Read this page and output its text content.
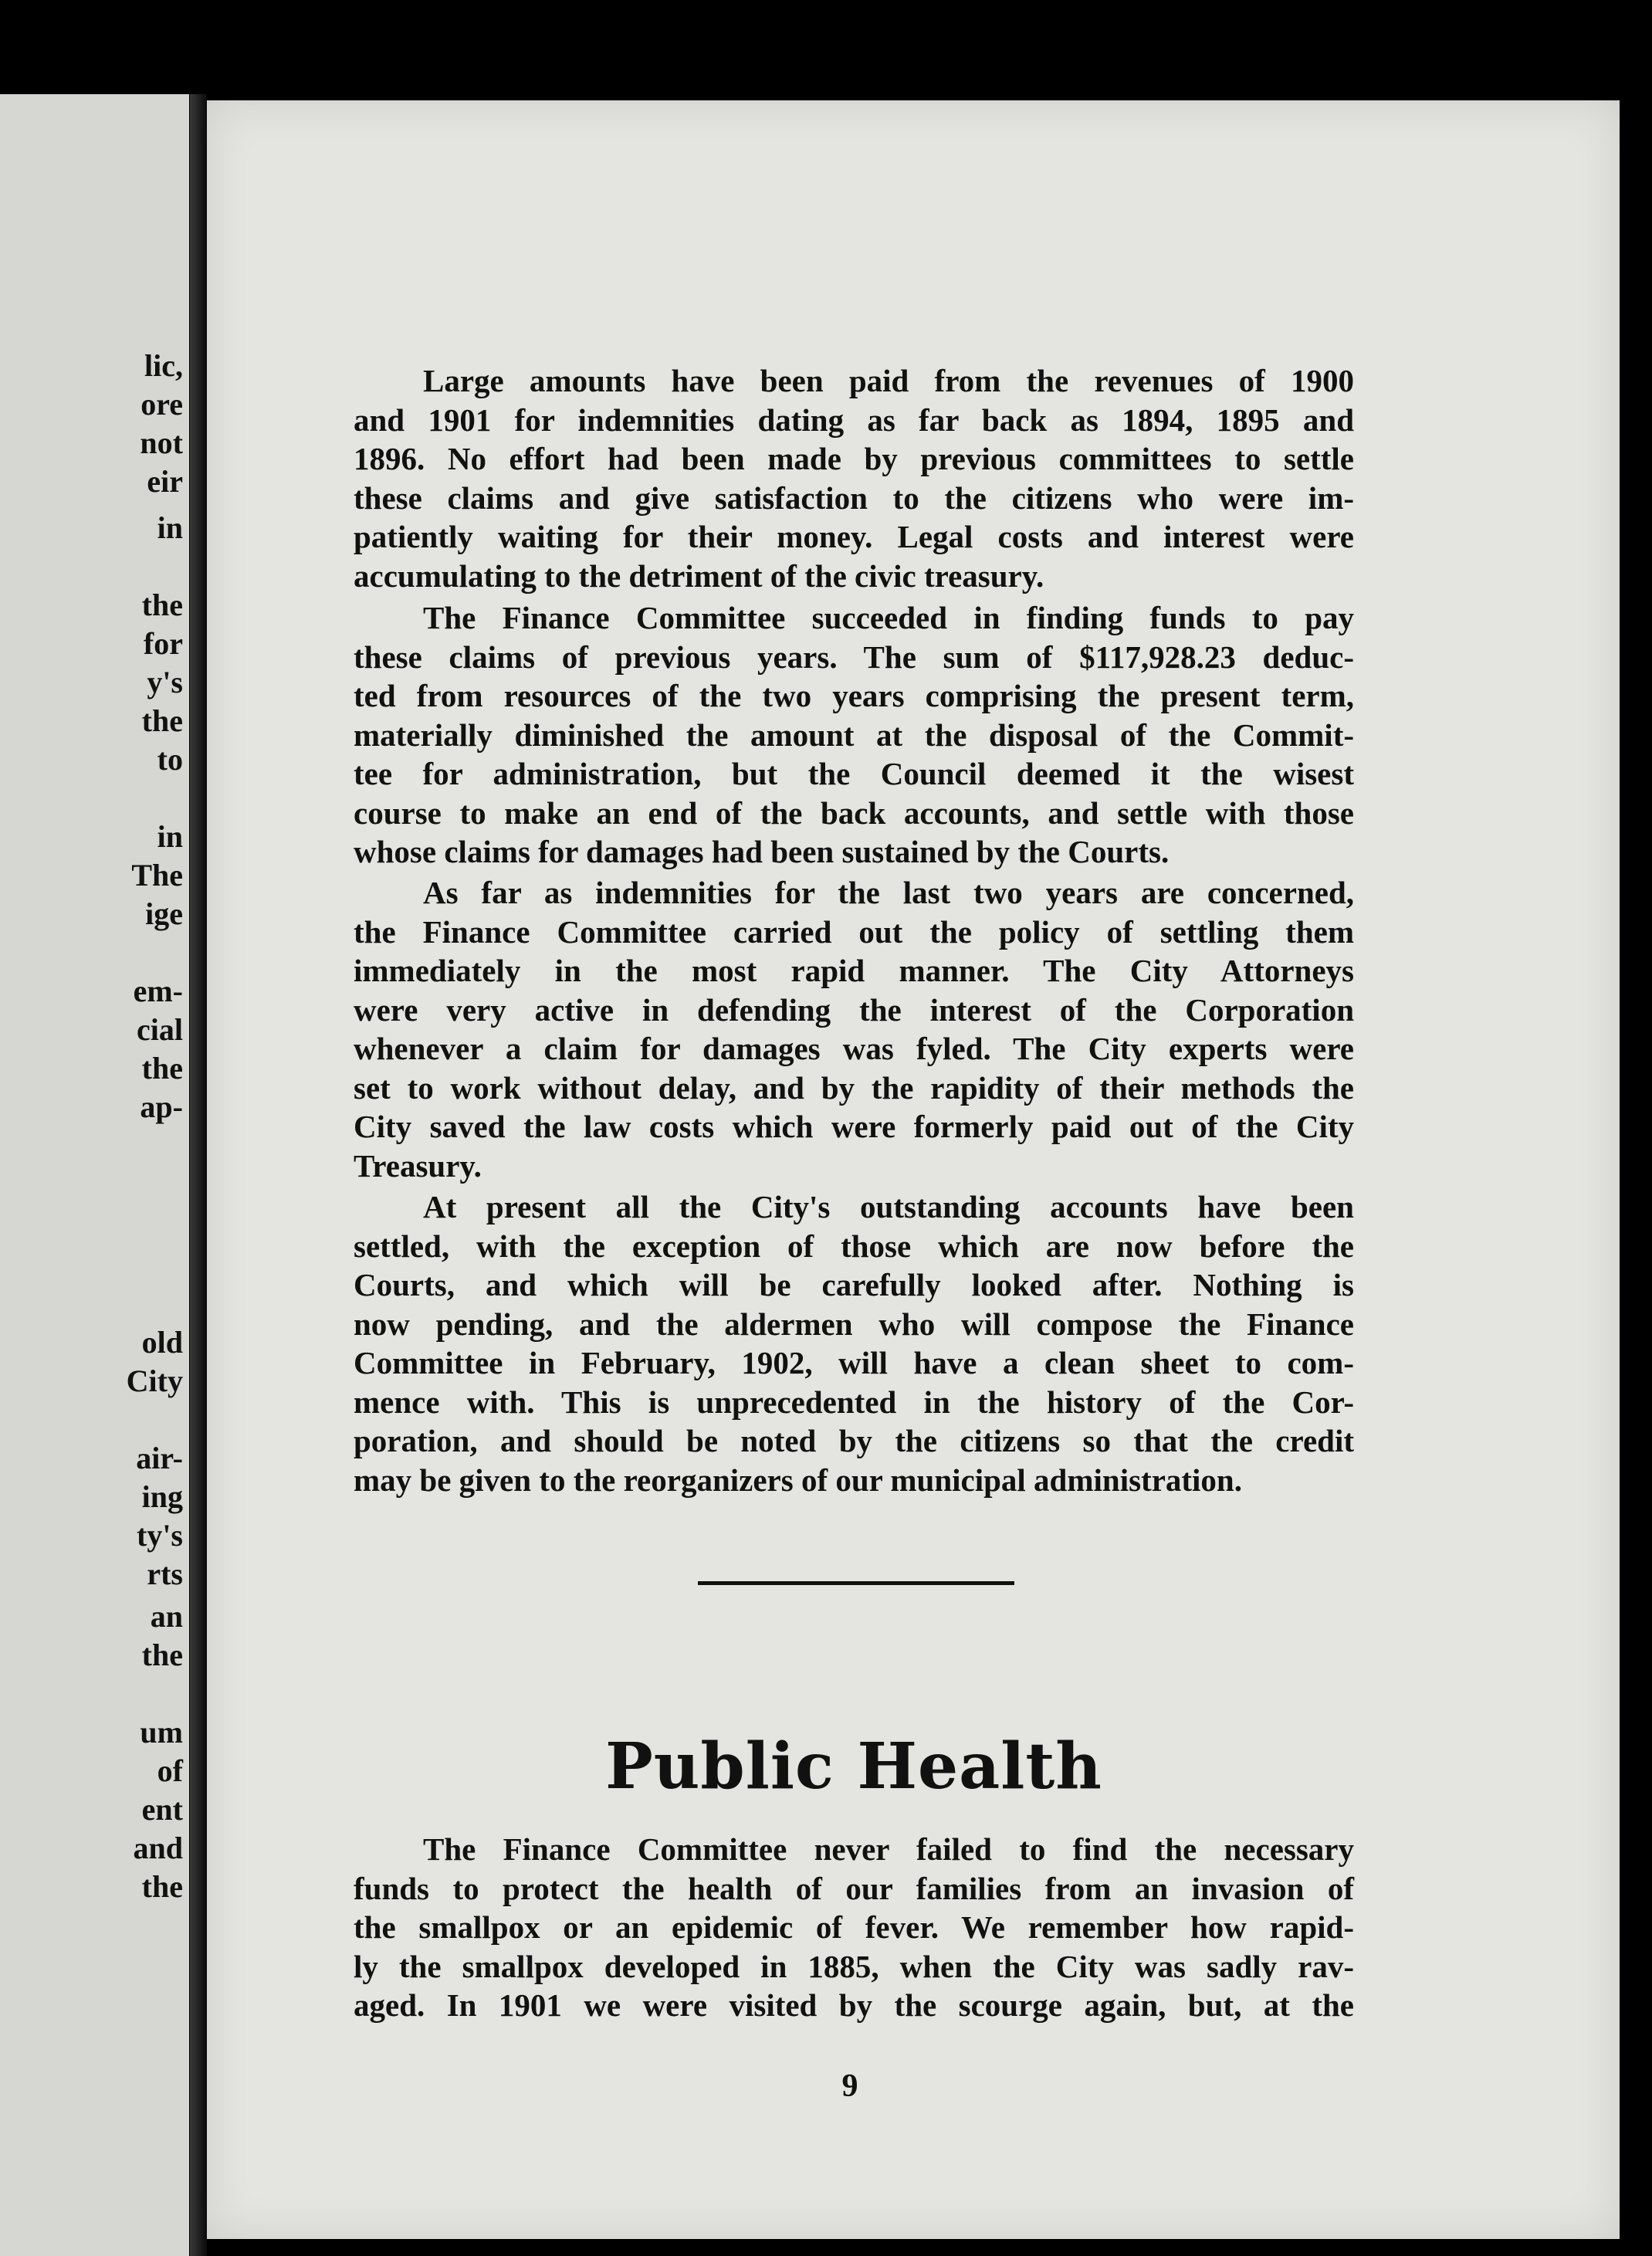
lic,
ore
not
eir
in
the
for
y's
the
to
in
The
ige
em-
cial
the
ap-
old
City
air-
ing
ty's
rts
an
the
um
of
ent
and
the
Large amounts have been paid from the revenues of 1900
and 1901 for indemnities dating as far back as 1894, 1895 and
1896. No effort had been made by previous committees to settle
these claims and give satisfaction to the citizens who were im-
patiently waiting for their money. Legal costs and interest were
accumulating to the detriment of the civic treasury.
The Finance Committee succeeded in finding funds to pay
these claims of previous years. The sum of $117,928.23 deduc-
ted from resources of the two years comprising the present term,
materially diminished the amount at the disposal of the Commit-
tee for administration, but the Council deemed it the wisest
course to make an end of the back accounts, and settle with those
whose claims for damages had been sustained by the Courts.
As far as indemnities for the last two years are concerned,
the Finance Committee carried out the policy of settling them
immediately in the most rapid manner. The City Attorneys
were very active in defending the interest of the Corporation
whenever a claim for damages was fyled. The City experts were
set to work without delay, and by the rapidity of their methods the
City saved the law costs which were formerly paid out of the City
Treasury.
At present all the City's outstanding accounts have been
settled, with the exception of those which are now before the
Courts, and which will be carefully looked after. Nothing is
now pending, and the aldermen who will compose the Finance
Committee in February, 1902, will have a clean sheet to com-
mence with. This is unprecedented in the history of the Cor-
poration, and should be noted by the citizens so that the credit
may be given to the reorganizers of our municipal administration.
Public Health
The Finance Committee never failed to find the necessary
funds to protect the health of our families from an invasion of
the smallpox or an epidemic of fever. We remember how rapid-
ly the smallpox developed in 1885, when the City was sadly rav-
aged. In 1901 we were visited by the scourge again, but, at the
9
